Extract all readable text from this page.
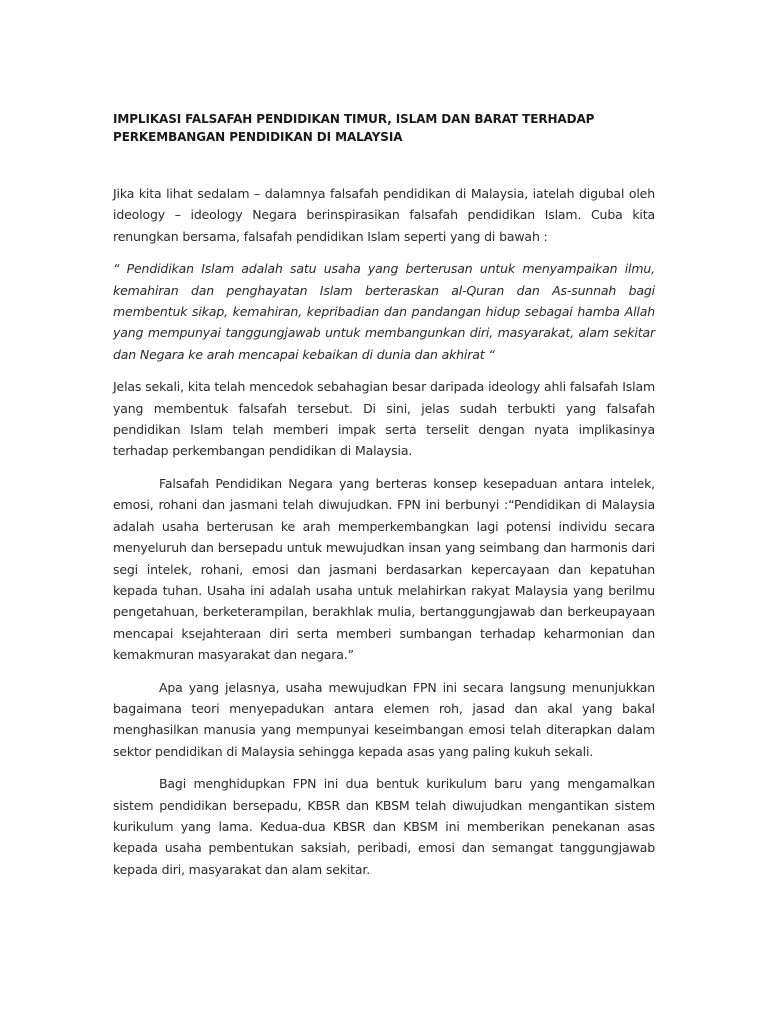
IMPLIKASI FALSAFAH PENDIDIKAN TIMUR, ISLAM DAN BARAT TERHADAP
PERKEMBANGAN PENDIDIKAN DI MALAYSIA

Jika kita lihat sedalam – dalamnya falsafah pendidikan di Malaysia, iatelah digubal oleh ideology – ideology Negara berinspirasikan falsafah pendidikan Islam. Cuba kita renungkan bersama, falsafah pendidikan Islam seperti yang di bawah :

“ Pendidikan Islam adalah satu usaha yang berterusan untuk menyampaikan ilmu, kemahiran dan penghayatan Islam berteraskan al-Quran dan As-sunnah bagi membentuk sikap, kemahiran, kepribadian dan pandangan hidup sebagai hamba Allah yang mempunyai tanggungjawab untuk membangunkan diri, masyarakat, alam sekitar dan Negara ke arah mencapai kebaikan di dunia dan akhirat “

Jelas sekali, kita telah mencedok sebahagian besar daripada ideology ahli falsafah Islam yang membentuk falsafah tersebut. Di sini, jelas sudah terbukti yang falsafah pendidikan Islam telah memberi impak serta terselit dengan nyata implikasinya terhadap perkembangan pendidikan di Malaysia.

Falsafah Pendidikan Negara yang berteras konsep kesepaduan antara intelek, emosi, rohani dan jasmani telah diwujudkan. FPN ini berbunyi :“Pendidikan di Malaysia adalah usaha berterusan ke arah memperkembangkan lagi potensi individu secara menyeluruh dan bersepadu untuk mewujudkan insan yang seimbang dan harmonis dari segi intelek, rohani, emosi dan jasmani berdasarkan kepercayaan dan kepatuhan kepada tuhan. Usaha ini adalah usaha untuk melahirkan rakyat Malaysia yang berilmu pengetahuan, berketerampilan, berakhlak mulia, bertanggungjawab dan berkeupayaan mencapai ksejahteraan diri serta memberi sumbangan terhadap keharmonian dan kemakmuran masyarakat dan negara.”

Apa yang jelasnya, usaha mewujudkan FPN ini secara langsung menunjukkan bagaimana teori menyepadukan antara elemen roh, jasad dan akal yang bakal menghasilkan manusia yang mempunyai keseimbangan emosi telah diterapkan dalam sektor pendidikan di Malaysia sehingga kepada asas yang paling kukuh sekali.

Bagi menghidupkan FPN ini dua bentuk kurikulum baru yang mengamalkan sistem pendidikan bersepadu, KBSR dan KBSM telah diwujudkan mengantikan sistem kurikulum yang lama. Kedua-dua KBSR dan KBSM ini memberikan penekanan asas kepada usaha pembentukan saksiah, peribadi, emosi dan semangat tanggungjawab kepada diri, masyarakat dan alam sekitar.
